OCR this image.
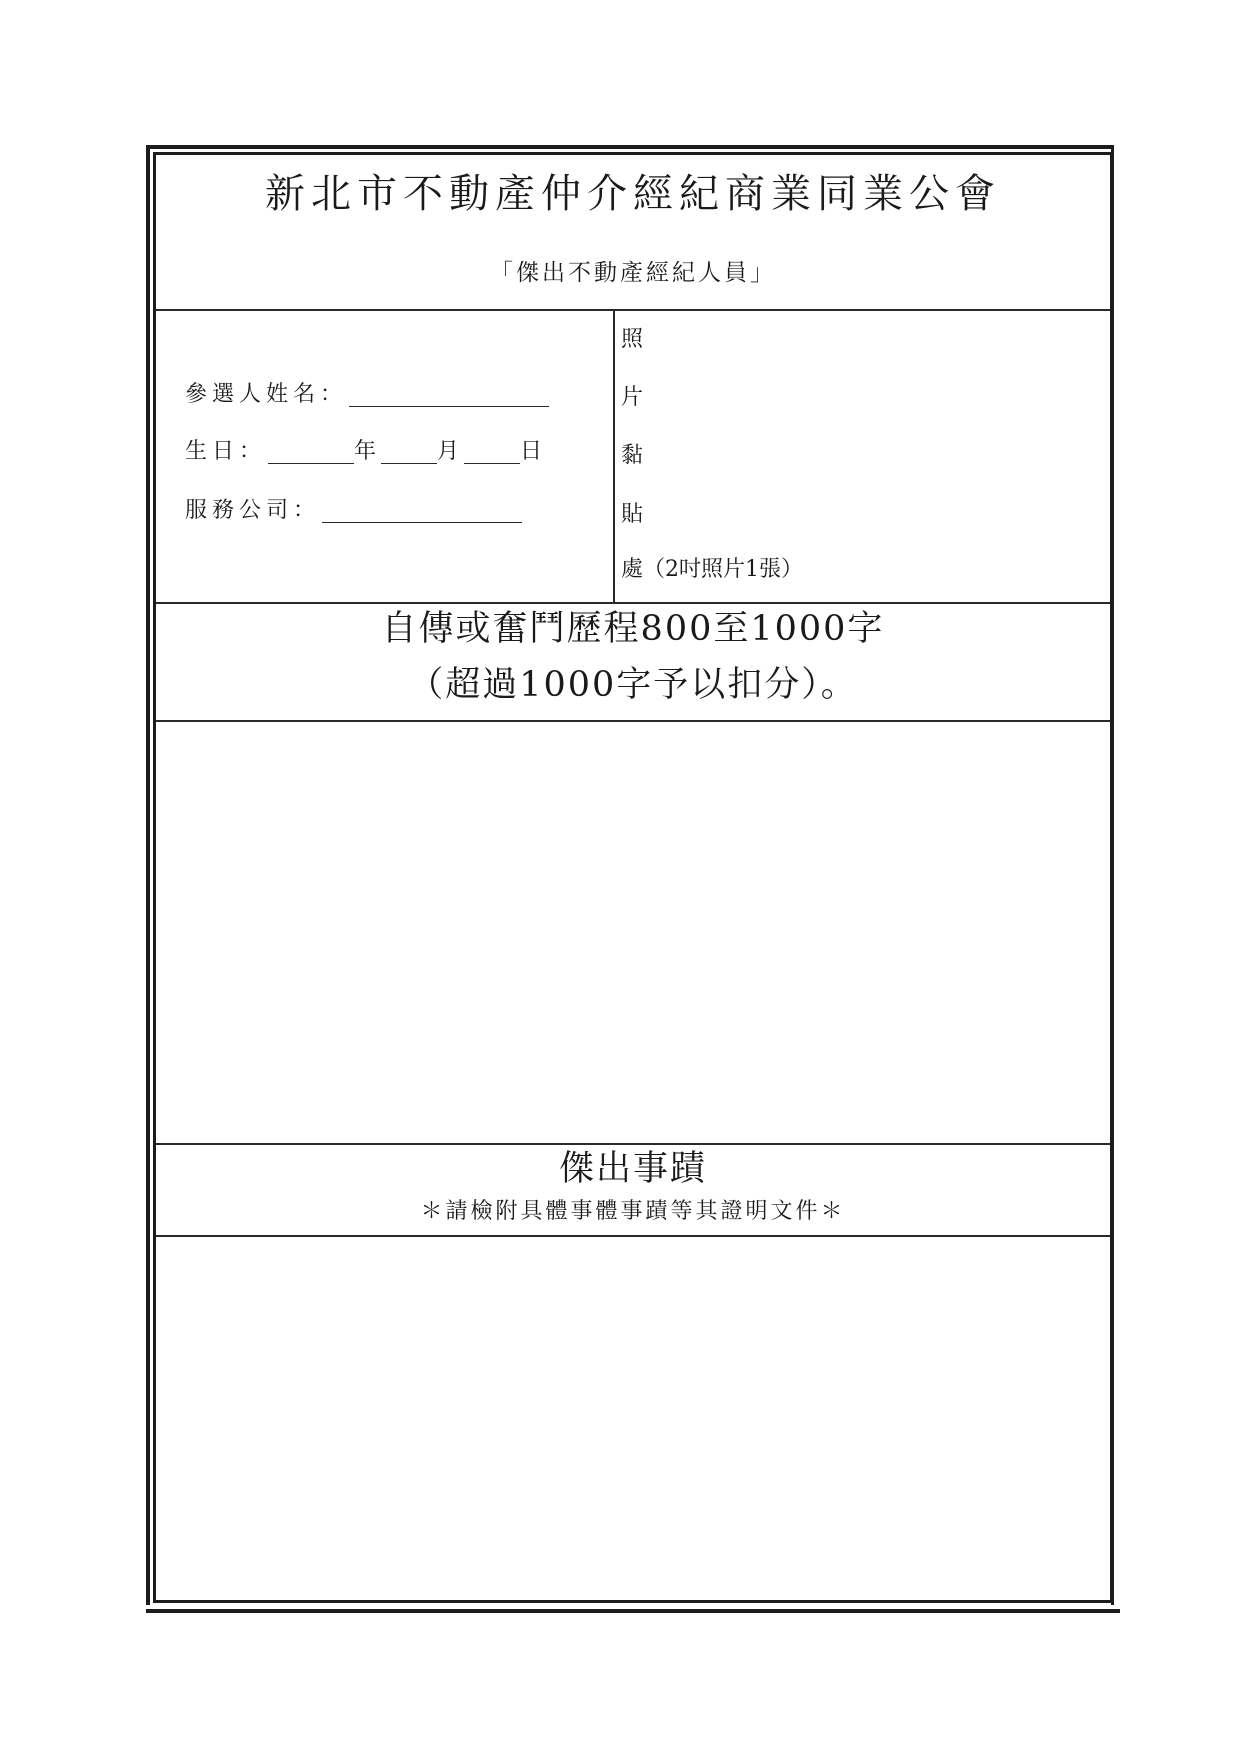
新北市不動產仲介經紀商業同業公會
「傑出不動產經紀人員」
參選人姓名：
生日：	年	月	日
服務公司：
照
片
黏
貼
處（2吋照片1張）
自傳或奮鬥歷程800至1000字
（超過1000字予以扣分）。
傑出事蹟
＊請檢附具體事體事蹟等其證明文件＊
